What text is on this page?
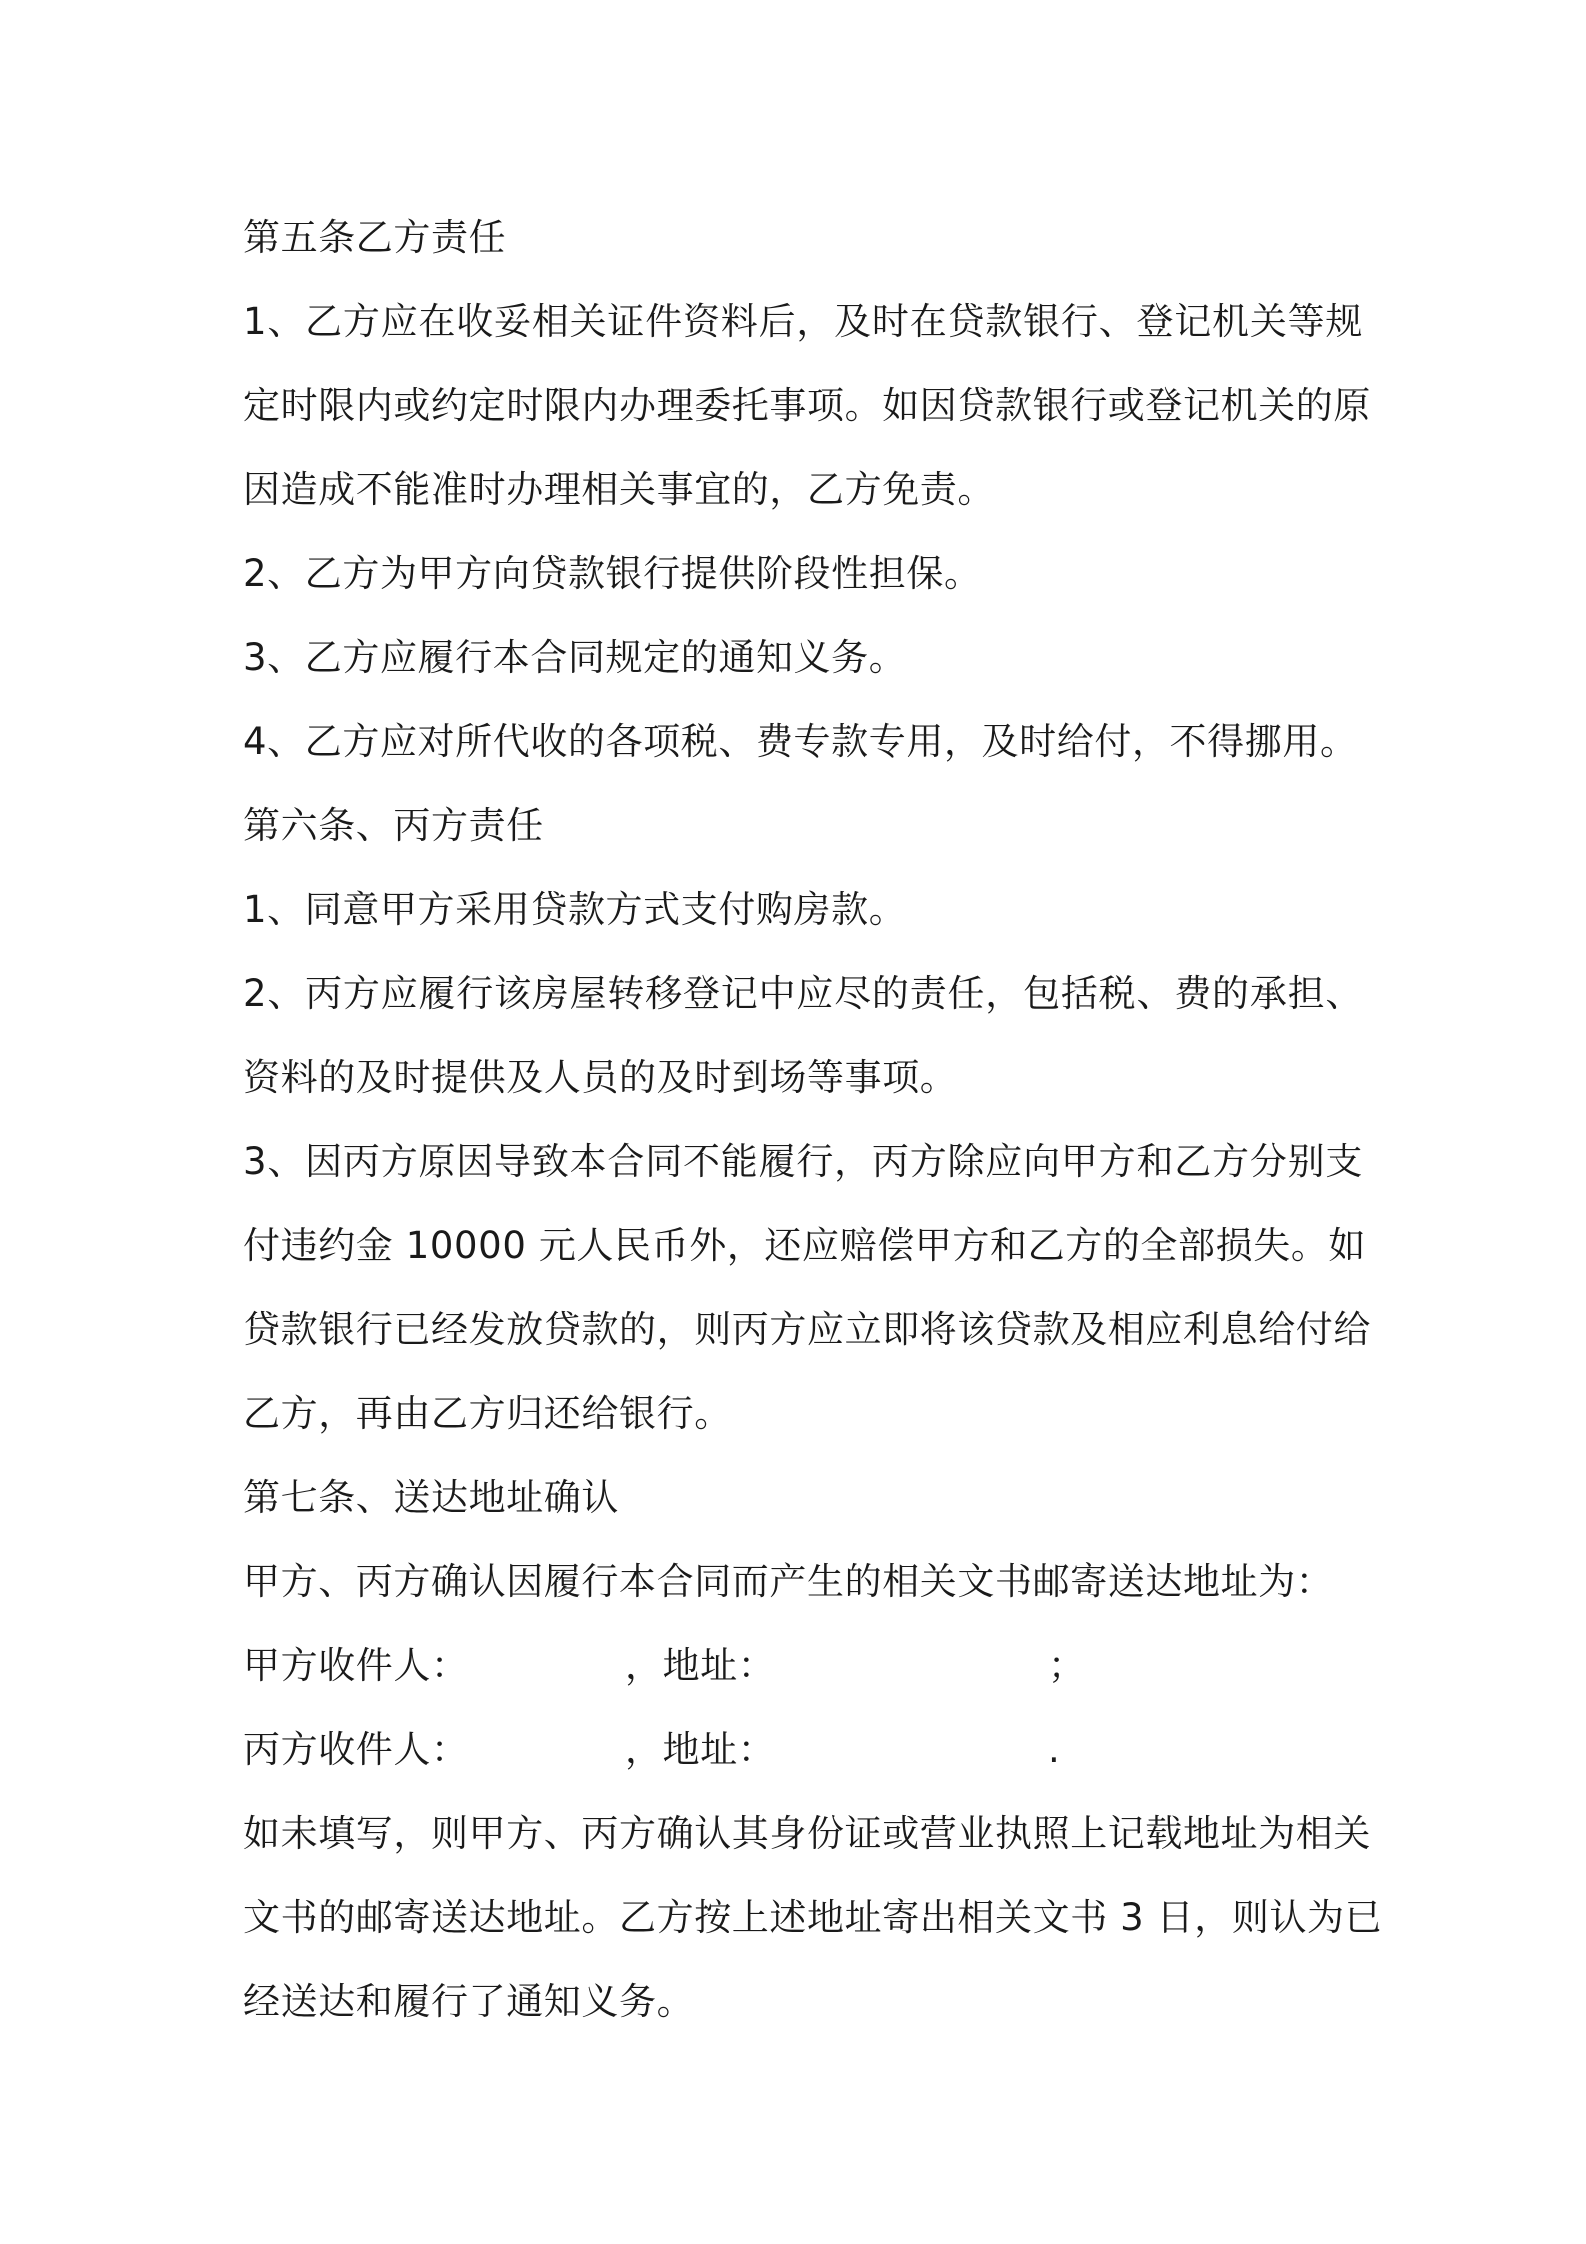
第五条乙方责任
1、乙方应在收妥相关证件资料后，及时在贷款银行、登记机关等规
定时限内或约定时限内办理委托事项。如因贷款银行或登记机关的原
因造成不能准时办理相关事宜的，乙方免责。
2、乙方为甲方向贷款银行提供阶段性担保。
3、乙方应履行本合同规定的通知义务。
4、乙方应对所代收的各项税、费专款专用，及时给付，不得挪用。
第六条、丙方责任
1、同意甲方采用贷款方式支付购房款。
2、丙方应履行该房屋转移登记中应尽的责任，包括税、费的承担、
资料的及时提供及人员的及时到场等事项。
3、因丙方原因导致本合同不能履行，丙方除应向甲方和乙方分别支
付违约金 10000 元人民币外，还应赔偿甲方和乙方的全部损失。如
贷款银行已经发放贷款的，则丙方应立即将该贷款及相应利息给付给
乙方，再由乙方归还给银行。
第七条、送达地址确认
甲方、丙方确认因履行本合同而产生的相关文书邮寄送达地址为：
甲方收件人：	，地址：	；
丙方收件人：	，地址：	.
如未填写，则甲方、丙方确认其身份证或营业执照上记载地址为相关
文书的邮寄送达地址。乙方按上述地址寄出相关文书 3 日，则认为已
经送达和履行了通知义务。
